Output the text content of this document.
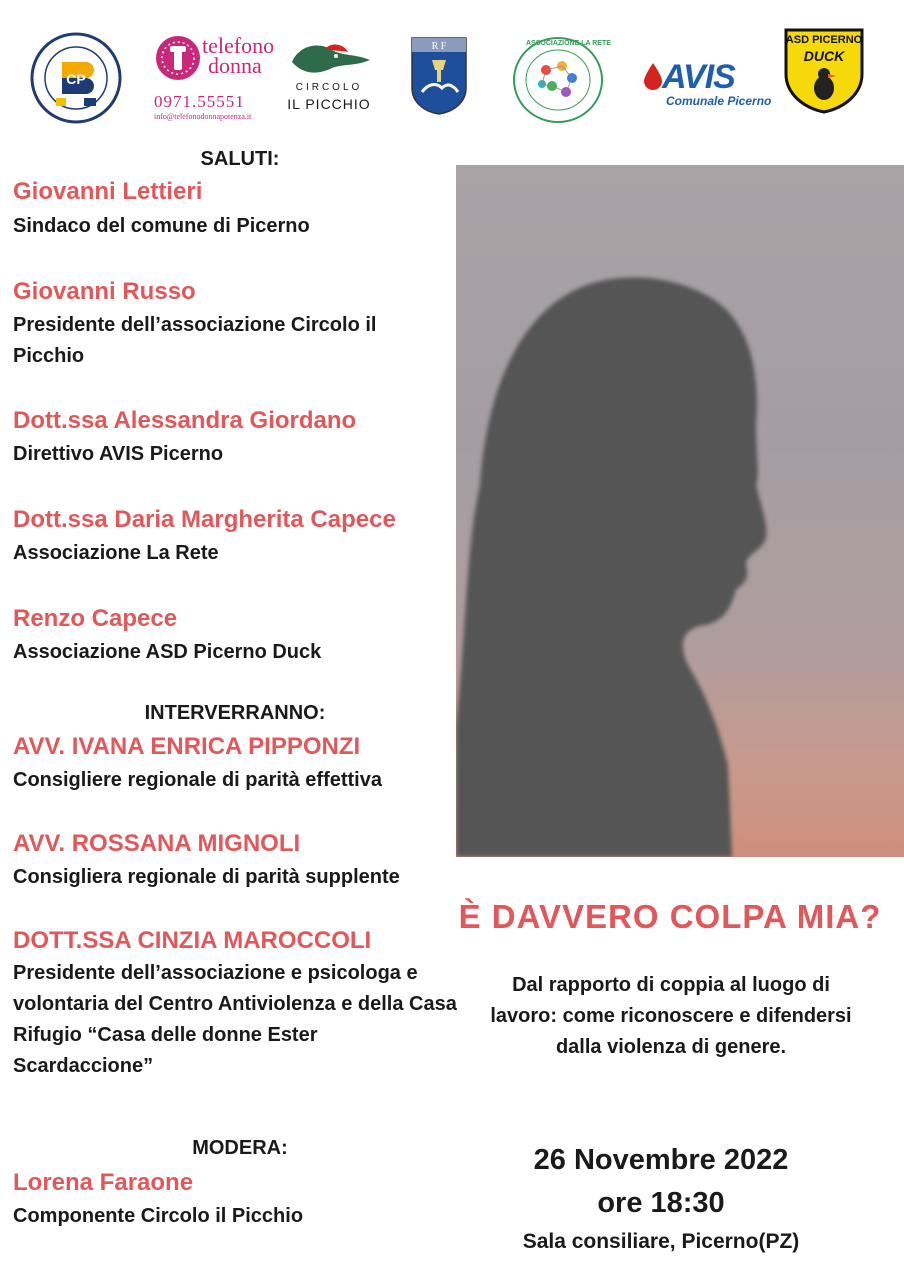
CP
telefono
donna
0971.55551
info@telefonodonnapotenza.it
CIRCOLO
IL PICCHIO
R F	ASSOCIAZIONE LA RETE
AVIS
Comunale Picerno
ASD PICERNO
DUCK
SALUTI:
Giovanni Lettieri
Sindaco del comune di Picerno
Giovanni Russo
Presidente dell’associazione Circolo il Picchio
Dott.ssa Alessandra Giordano
Direttivo AVIS Picerno
Dott.ssa Daria Margherita Capece
Associazione La Rete
Renzo Capece
Associazione ASD Picerno Duck
INTERVERRANNO:
AVV. IVANA ENRICA PIPPONZI
Consigliere regionale di parità effettiva
AVV. ROSSANA MIGNOLI
Consigliera regionale di parità supplente
DOTT.SSA CINZIA MAROCCOLI
Presidente dell’associazione e psicologa e volontaria del Centro Antiviolenza e della Casa Rifugio “Casa delle donne Ester Scardaccione”
MODERA:
Lorena Faraone
Componente Circolo il Picchio
È DAVVERO COLPA MIA?
Dal rapporto di coppia al luogo di lavoro: come riconoscere e difendersi dalla violenza di genere.
26 Novembre 2022
ore 18:30
Sala consiliare, Picerno(PZ)
